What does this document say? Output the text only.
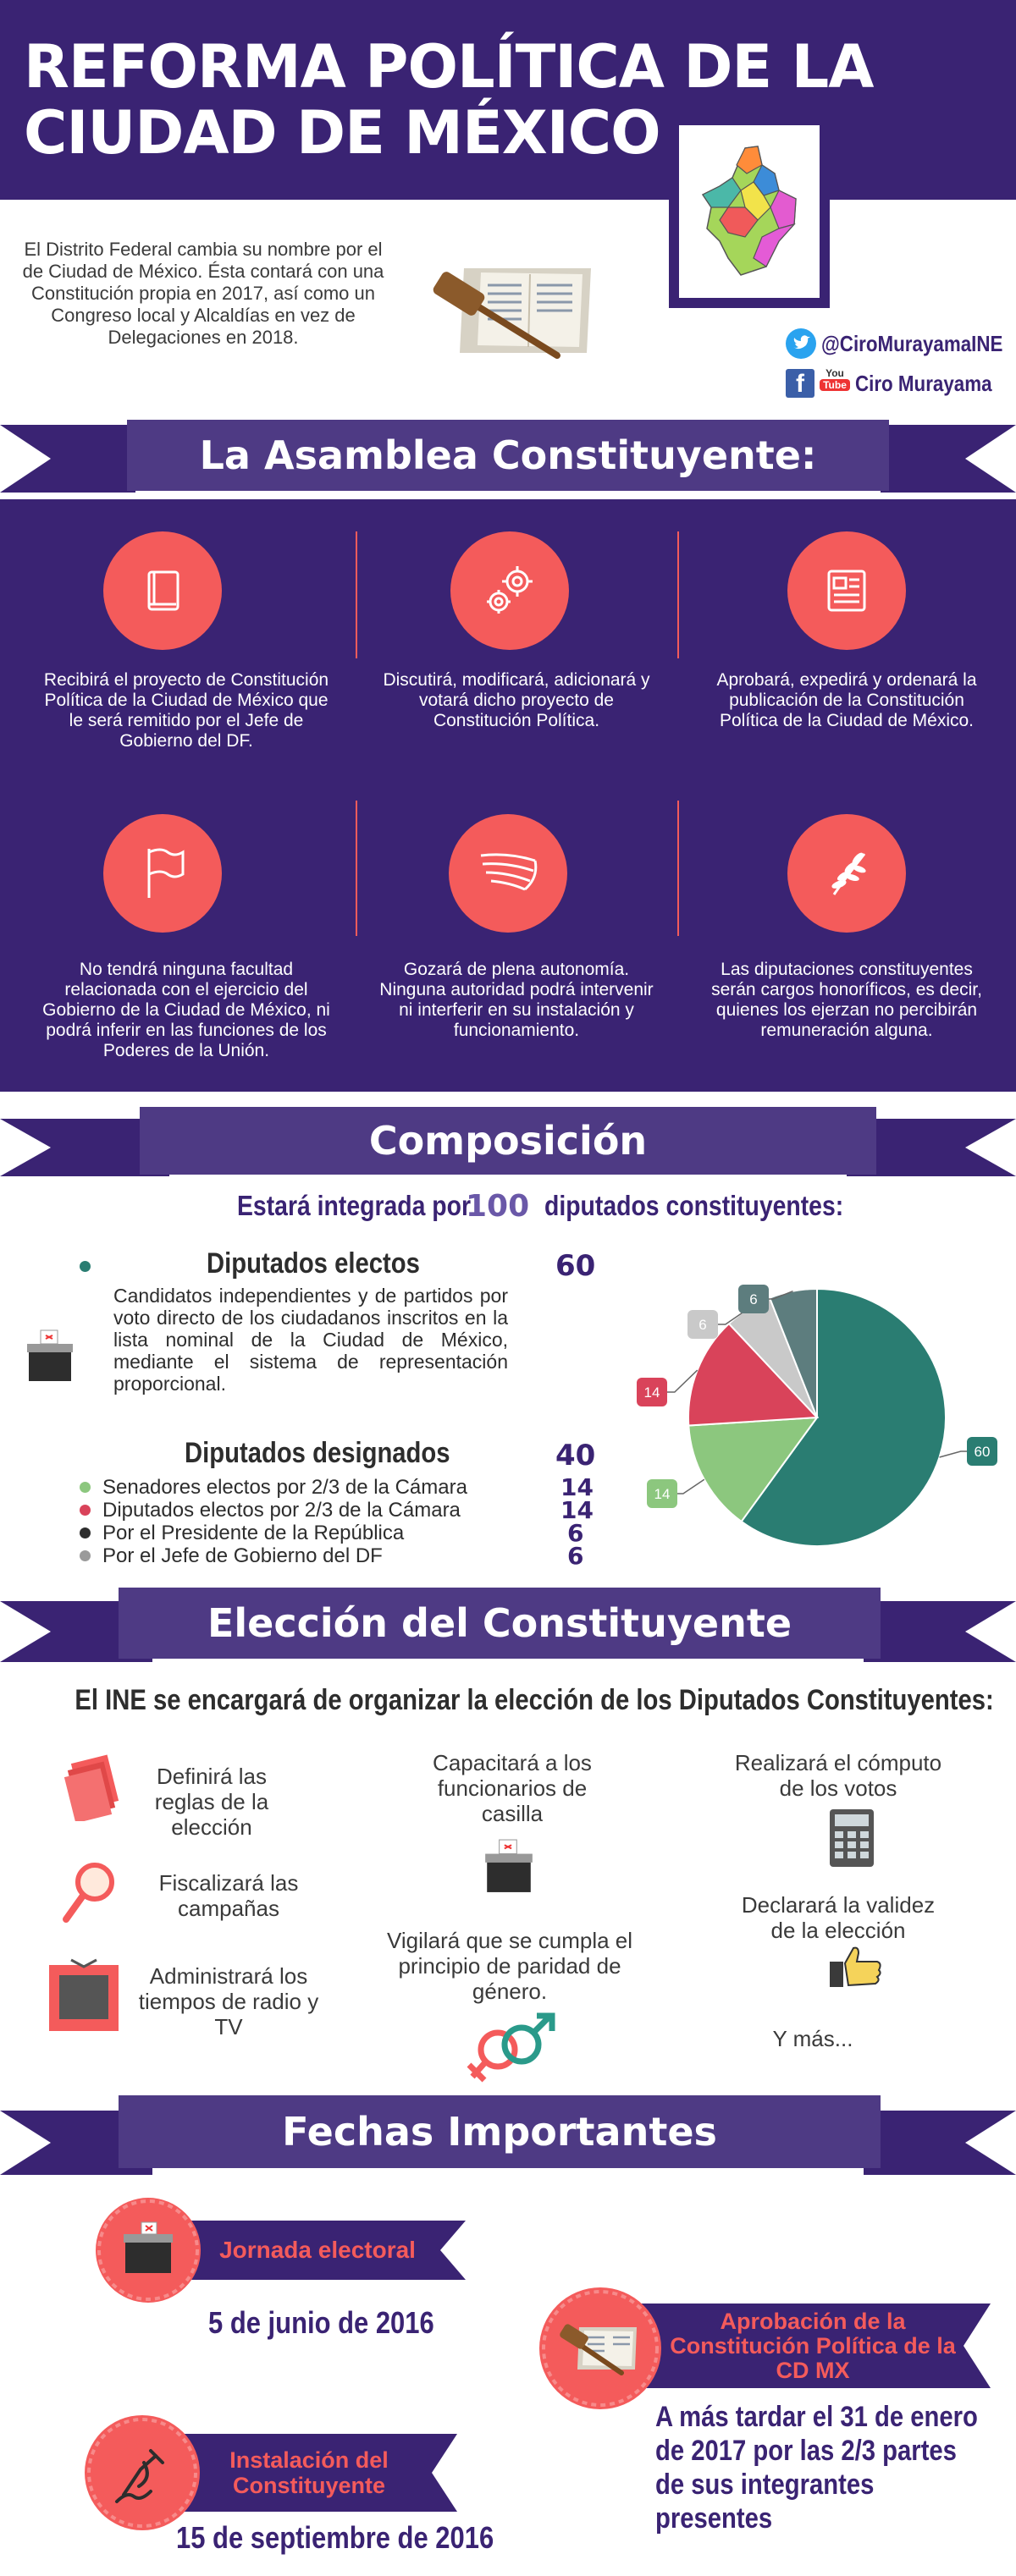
REFORMA POLÍTICA DE LA
CIUDAD DE MÉXICO
El Distrito Federal cambia su nombre por el de Ciudad de México. Ésta contará con una Constitución propia en 2017, así como un Congreso local y Alcaldías en vez de Delegaciones en 2018.	@CiroMurayamaINE
f	You
Tube Ciro Murayama
La Asamblea Constituyente:
Recibirá el proyecto de Constitución Política de la Ciudad de México que le será remitido por el Jefe de Gobierno del DF.
Discutirá, modificará, adicionará y votará dicho proyecto de Constitución Política.
Aprobará, expedirá y ordenará la publicación de la Constitución Política de la Ciudad de México.
No tendrá ninguna facultad relacionada con el ejercicio del Gobierno de la Ciudad de México, ni podrá inferir en las funciones de los Poderes de la Unión.
Gozará de plena autonomía. Ninguna autoridad podrá intervenir ni interferir en su instalación y funcionamiento.
Las diputaciones constituyentes serán cargos honoríficos, es decir, quienes los ejerzan no percibirán remuneración alguna.
Composición
Estará integrada por
100 diputados constituyentes:
Diputados electos	60
Candidatos independientes y de partidos por voto directo de los ciudadanos inscritos en la lista nominal de la Ciudad de México, mediante el sistema de representación proporcional.
Diputados designados	40
Senadores electos por 2/3 de la Cámara	14
Diputados electos por 2/3 de la Cámara	14
Por el Presidente de la República	6
Por el Jefe de Gobierno del DF	6
60
14
14
6
6
Elección del Constituyente
El INE se encargará de organizar la elección de los Diputados Constituyentes:
Definirá las reglas de la elección
Fiscalizará las campañas
Administrará los tiempos de radio y TV
Capacitará a los funcionarios de casilla
Vigilará que se cumpla el principio de paridad de género.
Realizará el cómputo de los votos
Declarará la validez de la elección
Y más...
Fechas Importantes
Jornada electoral
5 de junio de 2016	Aprobación de la Constitución Política de la CD MX
A más tardar el 31 de enero de 2017 por las 2/3 partes de sus integrantes presentes
Instalación del Constituyente
15 de septiembre de 2016
